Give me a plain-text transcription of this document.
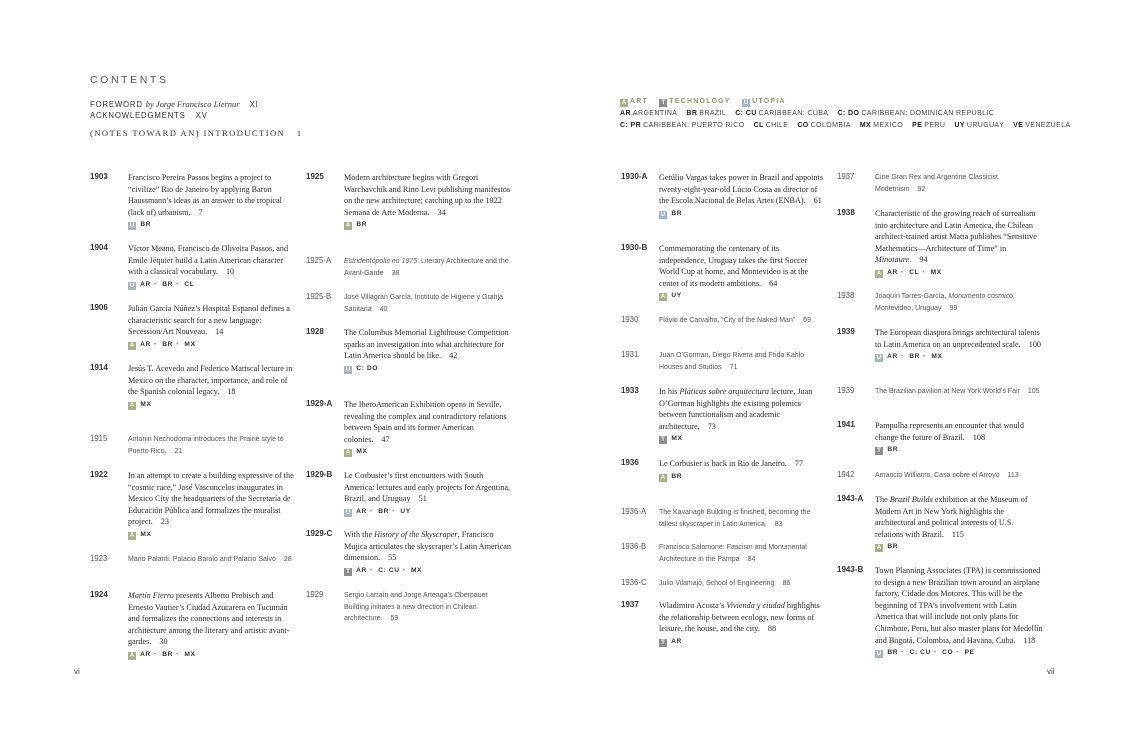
CONTENTS
FOREWORD by Jorge Francisco Liernur XI
ACKNOWLEDGMENTS XV
(NOTES TOWARD AN) INTRODUCTION 1
A ART T TECHNOLOGY U UTOPIA
AR ARGENTINA BR BRAZIL C: CU CARIBBEAN: CUBA C: DO CARIBBEAN: DOMINICAN REPUBLIC
C: PR CARIBBEAN: PUERTO RICO CL CHILE CO COLOMBIA MX MEXICO PE PERU UY URUGUAY VE VENEZUELA
1903 Francisco Pereira Passos begins a project to “civilize” Rio de Janeiro by applying Baron Haussmann’s ideas as an answer to the tropical (lack of) urbanism. 7
U BR
1904 Víctor Meano, Francisco de Oliveira Passos, and Emile Jéquier build a Latin American character with a classical vocabulary. 10
U AR • BR • CL
1906 Julián García Núñez’s Hospital Espanol defines a characteristic search for a new language: Secession/Art Nouveau. 14
A AR • BR • MX
1914 Jesús T. Acevedo and Federico Mariscal lecture in Mexico on the character, importance, and role of the Spanish colonial legacy. 18
A MX
1915	Antonin Nechodoma introduces the Prairie style to Puerto Rico. 21
1922 In an attempt to create a building expressive of the “cosmic race,” José Vasconcelos inaugurates in Mexico City the headquarters of the Secretaría de Educación Pública and formalizes the muralist project. 23
A MX
1923	Mario Palanti: Palacio Barolo and Palacio Salvo 28
1924 Martín Fierro presents Alberto Prebisch and Ernesto Vautier’s Ciudad Azucarera en Tucumán and formalizes the connections and interests in architecture among the literary and artistic avant-gardes. 30
A AR • BR • MX
1925 Modern architecture begins with Gregori Warchavchik and Rino Levi publishing manifestos on the new architecture; catching up to the 1922 Semana de Arte Moderna. 34
A BR
1925-A Estridentópolis en 1975: Literary Architecture and the Avant-Garde 38
1925-B José Villagrán García, Instituto de Higiene y Granja Sanitaria 40
1928 The Columbus Memorial Lighthouse Competition sparks an investigation into what architecture for Latin America should be like. 42
U C: DO
1929-A The IberoAmerican Exhibition opens in Seville, revealing the complex and contradictory relations between Spain and its former American colonies. 47
A MX
1929-B Le Corbusier’s first encounters with South America: lectures and early projects for Argentina, Brazil, and Uruguay 51
U AR • BR • UY
1929-C With the History of the Skyscraper, Francisco Mujica articulates the skyscraper’s Latin American dimension. 55
T AR • C: CU • MX
1929	Sergio Larraín and Jorge Arteaga’s Oberpauer Building initiates a new direction in Chilean architecture. 59
1930-A Getúlio Vargas takes power in Brazil and appoints twenty-eight-year-old Lúcio Costa as director of the Escola Nacional de Belas Artes (ENBA). 61
U BR
1930-B Commemorating the centenary of its independence, Uruguay takes the first Soccer World Cup at home, and Montevideo is at the center of its modern ambitions. 64
A UY
1930	Flávio de Carvalho, “City of the Naked Man” 69
1931	Juan O’Gorman, Diego Rivera and Frida Kahlo Houses and Studios 71
1933 In his Pláticas sobre arquitectura lecture, Juan O’Gorman highlights the existing polemics between functionalism and academic architecture. 73
T MX
1936 Le Corbusier is back in Rio de Janeiro. 77
A BR
1936-A The Kavanagh Building is finished, becoming the tallest skyscraper in Latin America. 83
1936-B Francisco Salamone: Fascism and Monumental Architecture in the Pampa 84
1936-C Julio Vilamajó, School of Engineering 86
1937 Wladimiro Acosta’s Vivienda y ciudad highlights the relationship between ecology, new forms of leisure, the house, and the city. 88
T AR
1937	Cine Gran Rex and Argentine Classicist Modernism 92
1938 Characteristic of the growing reach of surrealism into architecture and Latin America, the Chilean architect-trained artist Matta publishes “Sensitive Mathematics—Architecture of Time” in Minotaure. 94
A AR • CL • MX
1938	Joaquín Torres-García, Monumento cósmico, Montevideo, Uruguay 99
1939 The European diaspora brings architectural talents to Latin America on an unprecedented scale. 100
U AR • BR • MX
1939	The Brazilian pavilion at New York World’s Fair 105
1941 Pampulha represents an encounter that would change the future of Brazil. 108
T BR
1942	Amancio Williams, Casa sobre el Arroyo 113
1943-A The Brazil Builds exhibition at the Museum of Modern Art in New York highlights the architectural and political interests of U.S. relations with Brazil. 115
A BR
1943-B Town Planning Associates (TPA) is commissioned to design a new Brazilian town around an airplane factory, Cidade dos Motores. This will be the beginning of TPA’s involvement with Latin America that will include not only plans for Chimbote, Peru, but also master plans for Medellín and Bogotá, Colombia, and Havana, Cuba. 118
U BR • C: CU • CO • PE
vi	vii
